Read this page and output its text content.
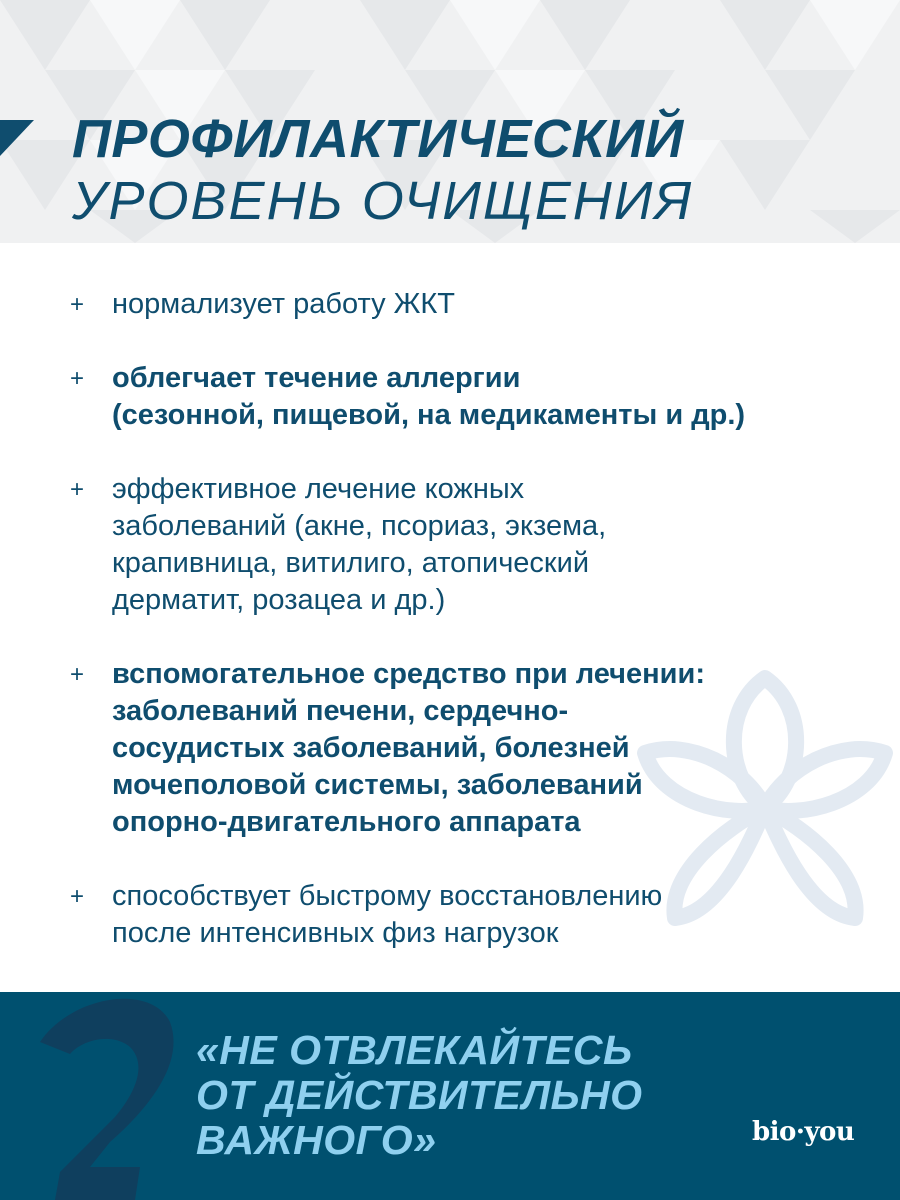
ПРОФИЛАКТИЧЕСКИЙ
УРОВЕНЬ ОЧИЩЕНИЯ
+ нормализует работу ЖКТ
+ облегчает течение аллергии
(сезонной, пищевой, на медикаменты и др.)
+ эффективное лечение кожных
заболеваний (акне, псориаз, экзема,
крапивница, витилиго, атопический
дерматит, розацеа и др.)
+ вспомогательное средство при лечении:
заболеваний печени, сердечно-
сосудистых заболеваний, болезней
мочеполовой системы, заболеваний
опорно-двигательного аппарата
+ способствует быстрому восстановлению
после интенсивных физ нагрузок
«НЕ ОТВЛЕКАЙТЕСЬ
ОТ ДЕЙСТВИТЕЛЬНО
ВАЖНОГО»	bio·you
